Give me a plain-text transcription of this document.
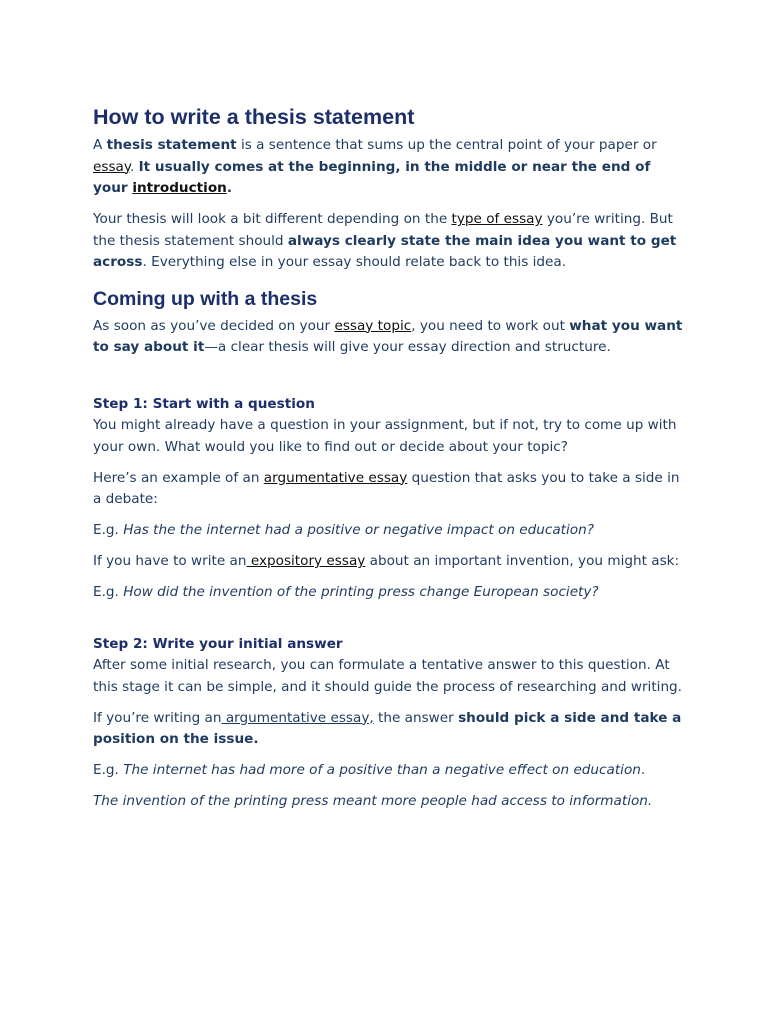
How to write a thesis statement

A thesis statement is a sentence that sums up the central point of your paper or essay. It usually comes at the beginning, in the middle or near the end of your introduction.

Your thesis will look a bit different depending on the type of essay you’re writing. But the thesis statement should always clearly state the main idea you want to get across. Everything else in your essay should relate back to this idea.

Coming up with a thesis

As soon as you’ve decided on your essay topic, you need to work out what you want to say about it—a clear thesis will give your essay direction and structure.

Step 1: Start with a question

You might already have a question in your assignment, but if not, try to come up with your own. What would you like to find out or decide about your topic?

Here’s an example of an argumentative essay question that asks you to take a side in a debate:

E.g. Has the the internet had a positive or negative impact on education?

If you have to write an expository essay about an important invention, you might ask:

E.g. How did the invention of the printing press change European society?

Step 2: Write your initial answer

After some initial research, you can formulate a tentative answer to this question. At this stage it can be simple, and it should guide the process of researching and writing.

If you’re writing an argumentative essay, the answer should pick a side and take a position on the issue.

E.g. The internet has had more of a positive than a negative effect on education.

The invention of the printing press meant more people had access to information.
